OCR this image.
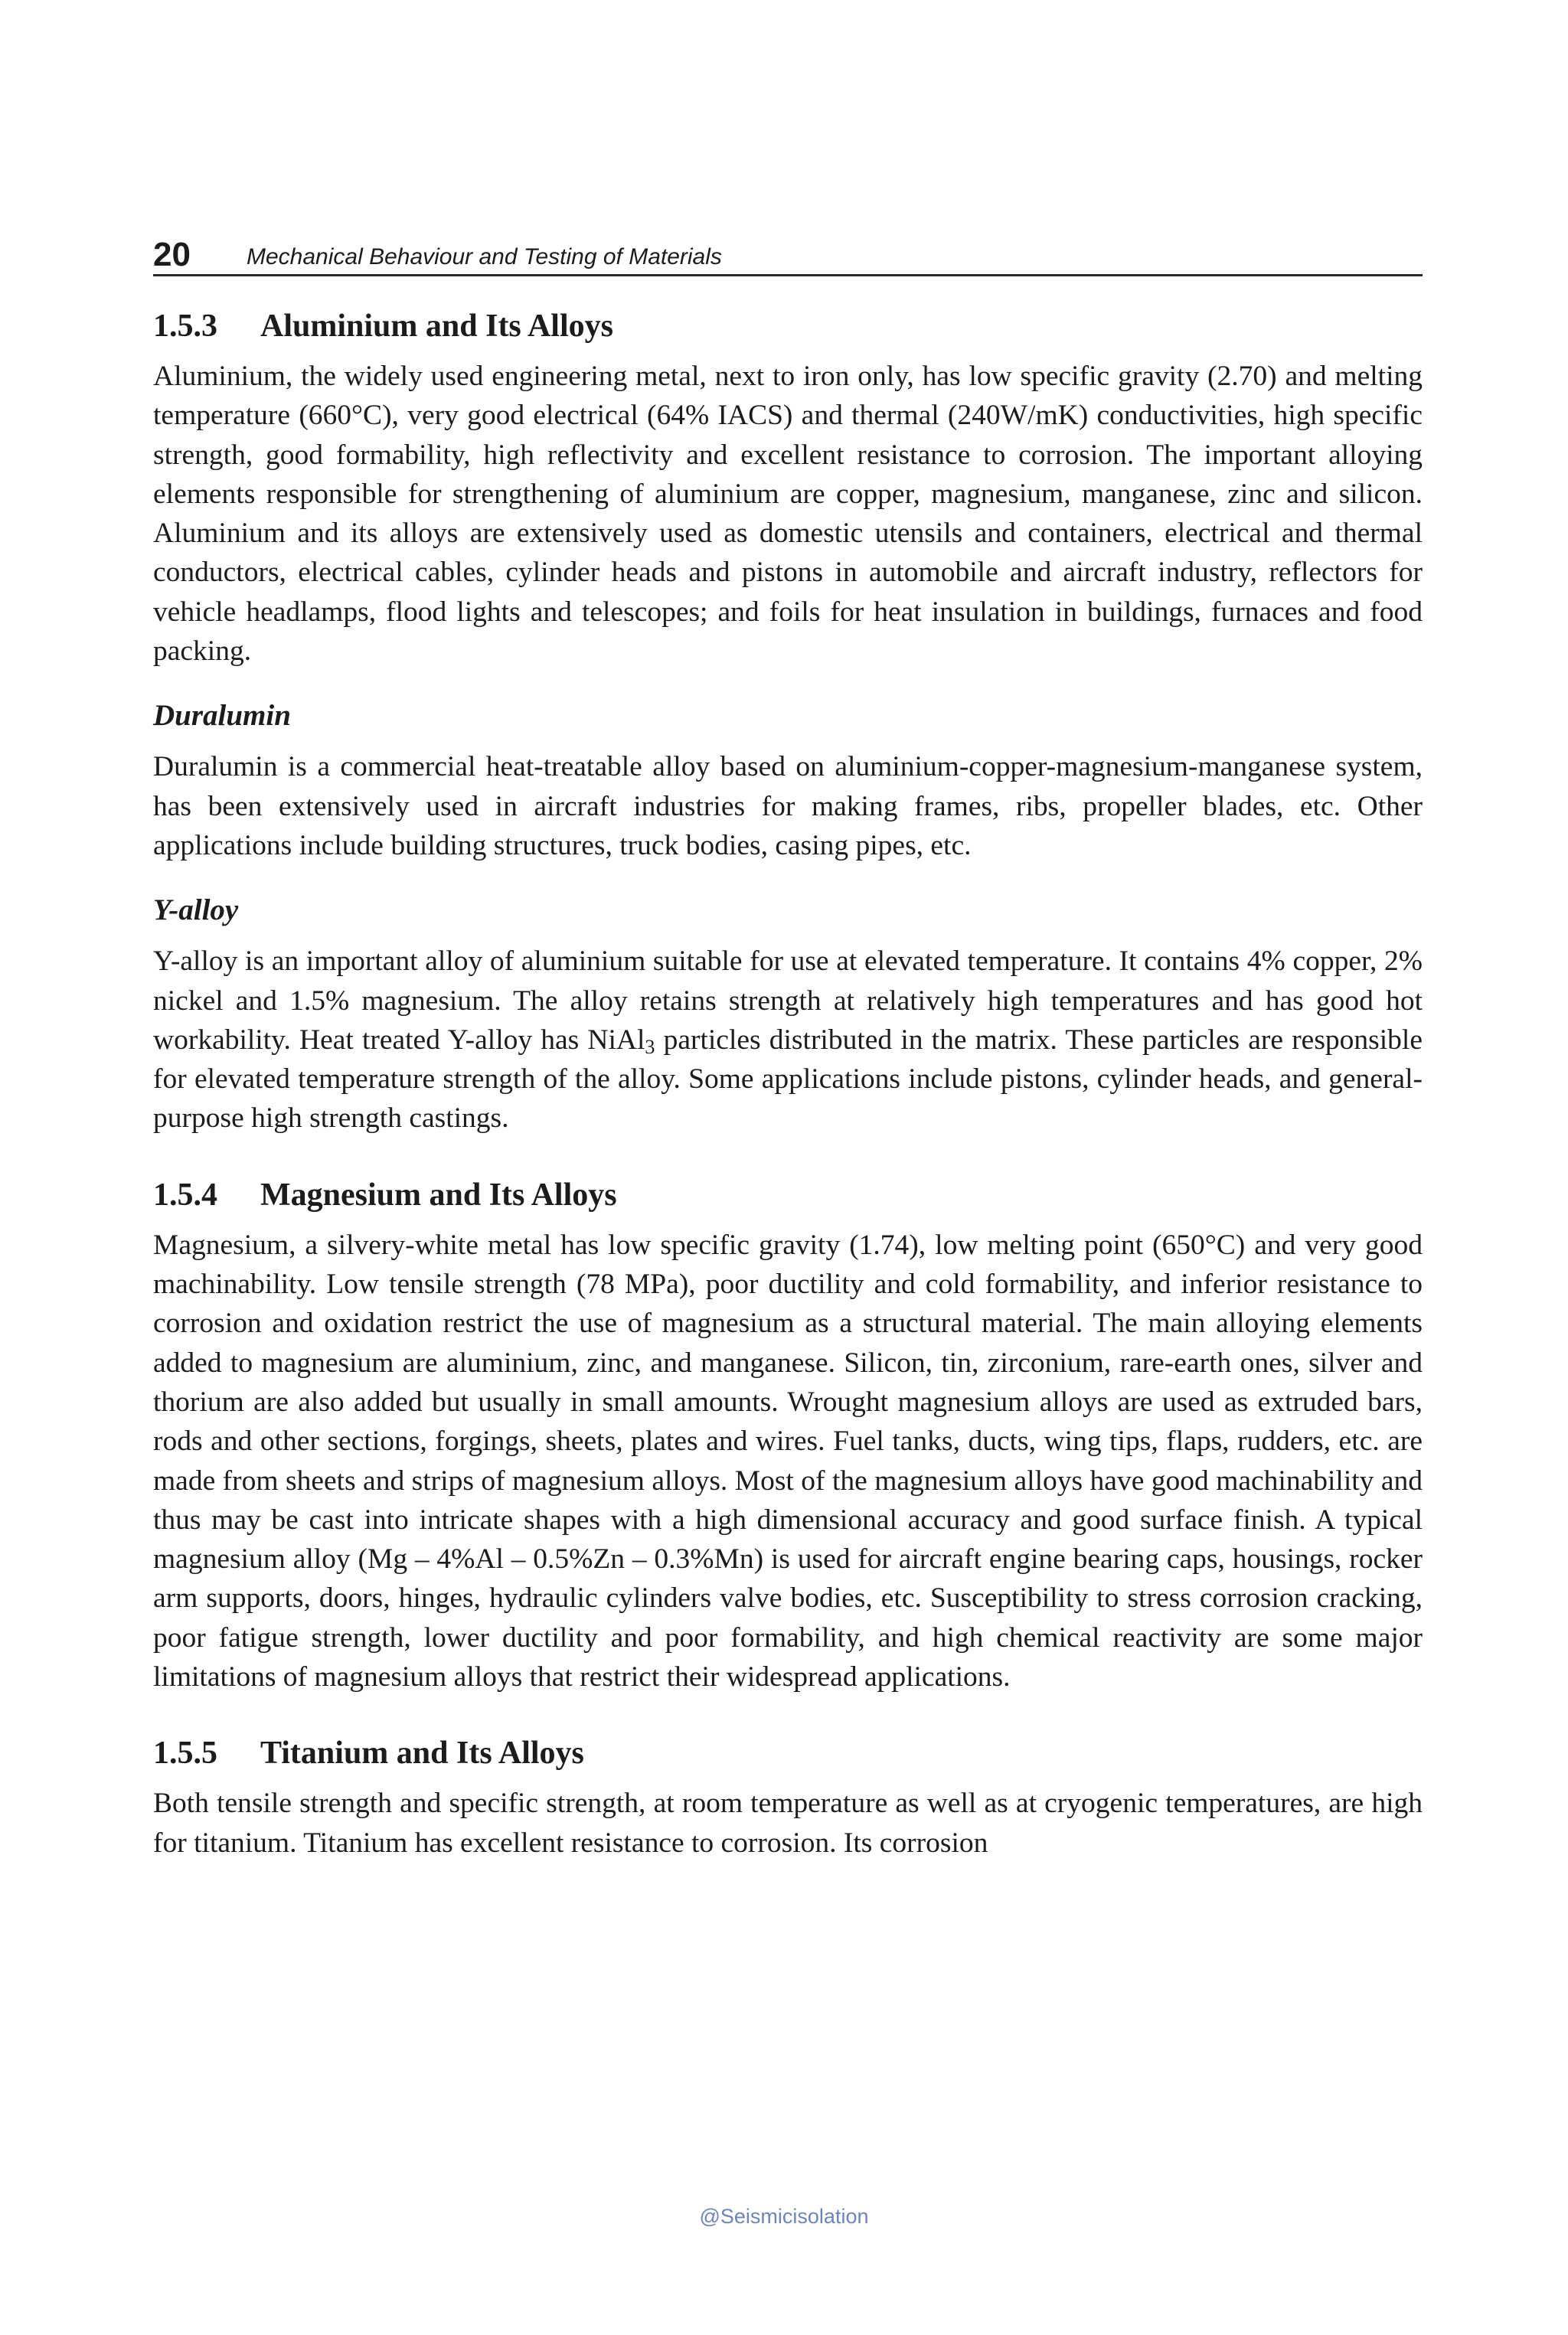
20 Mechanical Behaviour and Testing of Materials
1.5.3 Aluminium and Its Alloys

Aluminium, the widely used engineering metal, next to iron only, has low specific gravity (2.70) and melting temperature (660°C), very good electrical (64% IACS) and thermal (240W/mK) conductivities, high specific strength, good formability, high reflectivity and excellent resistance to corrosion. The important alloying elements responsible for strengthening of aluminium are copper, magnesium, manganese, zinc and silicon. Aluminium and its alloys are extensively used as domestic utensils and containers, electrical and thermal conductors, electrical cables, cylinder heads and pistons in automobile and aircraft industry, reflectors for vehicle headlamps, flood lights and telescopes; and foils for heat insulation in buildings, furnaces and food packing.

Duralumin

Duralumin is a commercial heat-treatable alloy based on aluminium-copper-magnesium-manganese system, has been extensively used in aircraft industries for making frames, ribs, propeller blades, etc. Other applications include building structures, truck bodies, casing pipes, etc.

Y-alloy

Y-alloy is an important alloy of aluminium suitable for use at elevated temperature. It contains 4% copper, 2% nickel and 1.5% magnesium. The alloy retains strength at relatively high temperatures and has good hot workability. Heat treated Y-alloy has NiAl$_3$ particles distributed in the matrix. These particles are responsible for elevated temperature strength of the alloy. Some applications include pistons, cylinder heads, and general-purpose high strength castings.

1.5.4 Magnesium and Its Alloys

Magnesium, a silvery-white metal has low specific gravity (1.74), low melting point (650°C) and very good machinability. Low tensile strength (78 MPa), poor ductility and cold formability, and inferior resistance to corrosion and oxidation restrict the use of magnesium as a structural material. The main alloying elements added to magnesium are aluminium, zinc, and manganese. Silicon, tin, zirconium, rare-earth ones, silver and thorium are also added but usually in small amounts. Wrought magnesium alloys are used as extruded bars, rods and other sections, forgings, sheets, plates and wires. Fuel tanks, ducts, wing tips, flaps, rudders, etc. are made from sheets and strips of magnesium alloys. Most of the magnesium alloys have good machinability and thus may be cast into intricate shapes with a high dimensional accuracy and good surface finish. A typical magnesium alloy (Mg – 4%Al – 0.5%Zn – 0.3%Mn) is used for aircraft engine bearing caps, housings, rocker arm supports, doors, hinges, hydraulic cylinders valve bodies, etc. Susceptibility to stress corrosion cracking, poor fatigue strength, lower ductility and poor formability, and high chemical reactivity are some major limitations of magnesium alloys that restrict their widespread applications.

1.5.5 Titanium and Its Alloys

Both tensile strength and specific strength, at room temperature as well as at cryogenic temperatures, are high for titanium. Titanium has excellent resistance to corrosion. Its corrosion

@Seismicisolation
